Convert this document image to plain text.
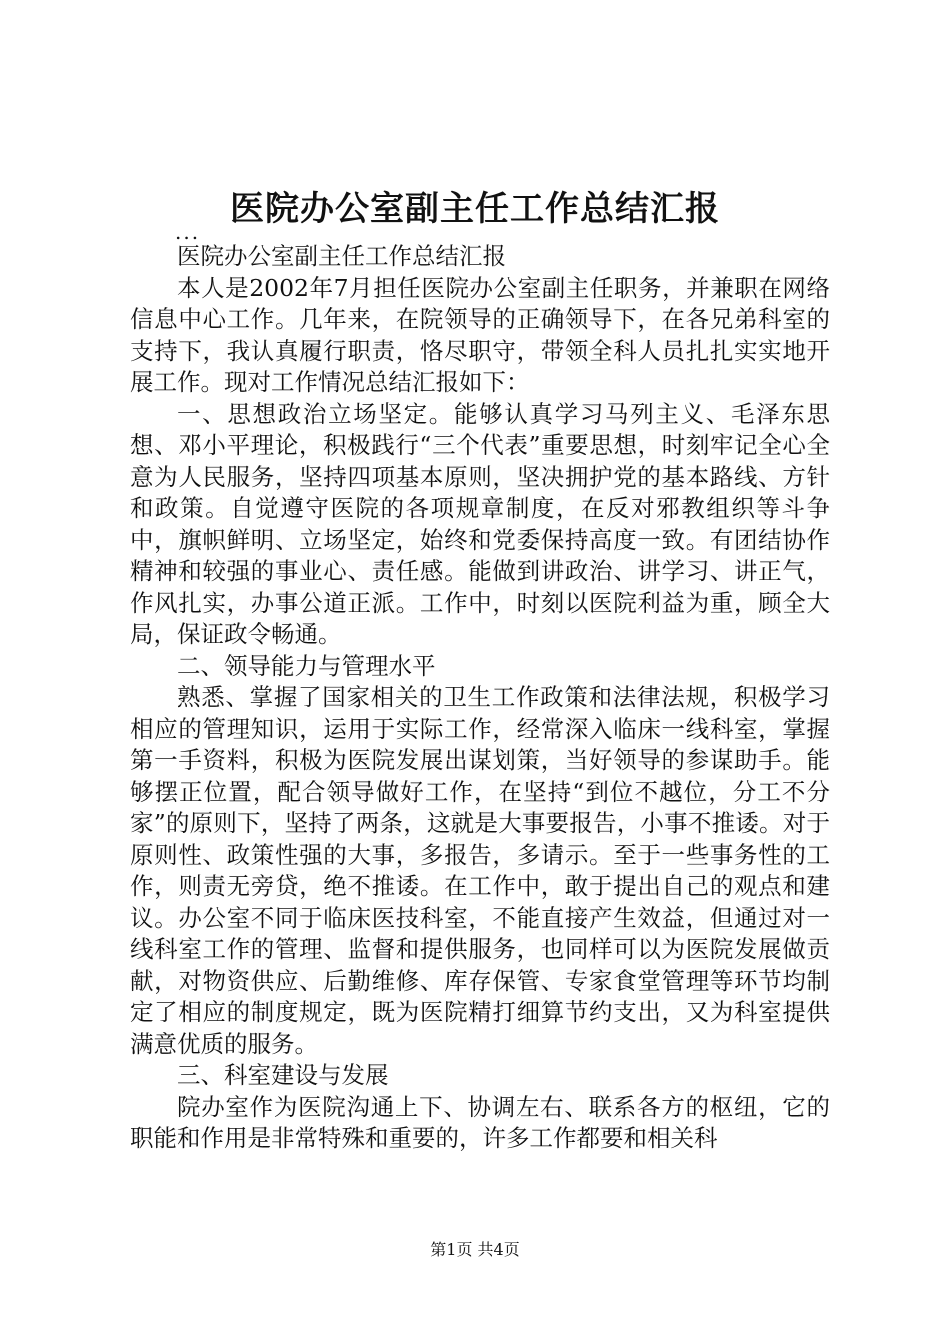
医院办公室副主任工作总结汇报
...

医院办公室副主任工作总结汇报

本人是2002年7月担任医院办公室副主任职务，并兼职在网络信息中心工作。几年来，在院领导的正确领导下，在各兄弟科室的支持下，我认真履行职责，恪尽职守，带领全科人员扎扎实实地开展工作。现对工作情况总结汇报如下：

一、思想政治立场坚定。能够认真学习马列主义、毛泽东思想、邓小平理论，积极践行“三个代表”重要思想，时刻牢记全心全意为人民服务，坚持四项基本原则，坚决拥护党的基本路线、方针和政策。自觉遵守医院的各项规章制度，在反对邪教组织等斗争中，旗帜鲜明、立场坚定，始终和党委保持高度一致。有团结协作精神和较强的事业心、责任感。能做到讲政治、讲学习、讲正气，作风扎实，办事公道正派。工作中，时刻以医院利益为重，顾全大局，保证政令畅通。

二、领导能力与管理水平

熟悉、掌握了国家相关的卫生工作政策和法律法规，积极学习相应的管理知识，运用于实际工作，经常深入临床一线科室，掌握第一手资料，积极为医院发展出谋划策，当好领导的参谋助手。能够摆正位置，配合领导做好工作，在坚持“到位不越位，分工不分家”的原则下，坚持了两条，这就是大事要报告，小事不推诿。对于原则性、政策性强的大事，多报告，多请示。至于一些事务性的工作，则责无旁贷，绝不推诿。在工作中，敢于提出自己的观点和建议。办公室不同于临床医技科室，不能直接产生效益，但通过对一线科室工作的管理、监督和提供服务，也同样可以为医院发展做贡献，对物资供应、后勤维修、库存保管、专家食堂管理等环节均制定了相应的制度规定，既为医院精打细算节约支出，又为科室提供满意优质的服务。

三、科室建设与发展

院办室作为医院沟通上下、协调左右、联系各方的枢纽，它的职能和作用是非常特殊和重要的，许多工作都要和相关科

第1页 共4页
